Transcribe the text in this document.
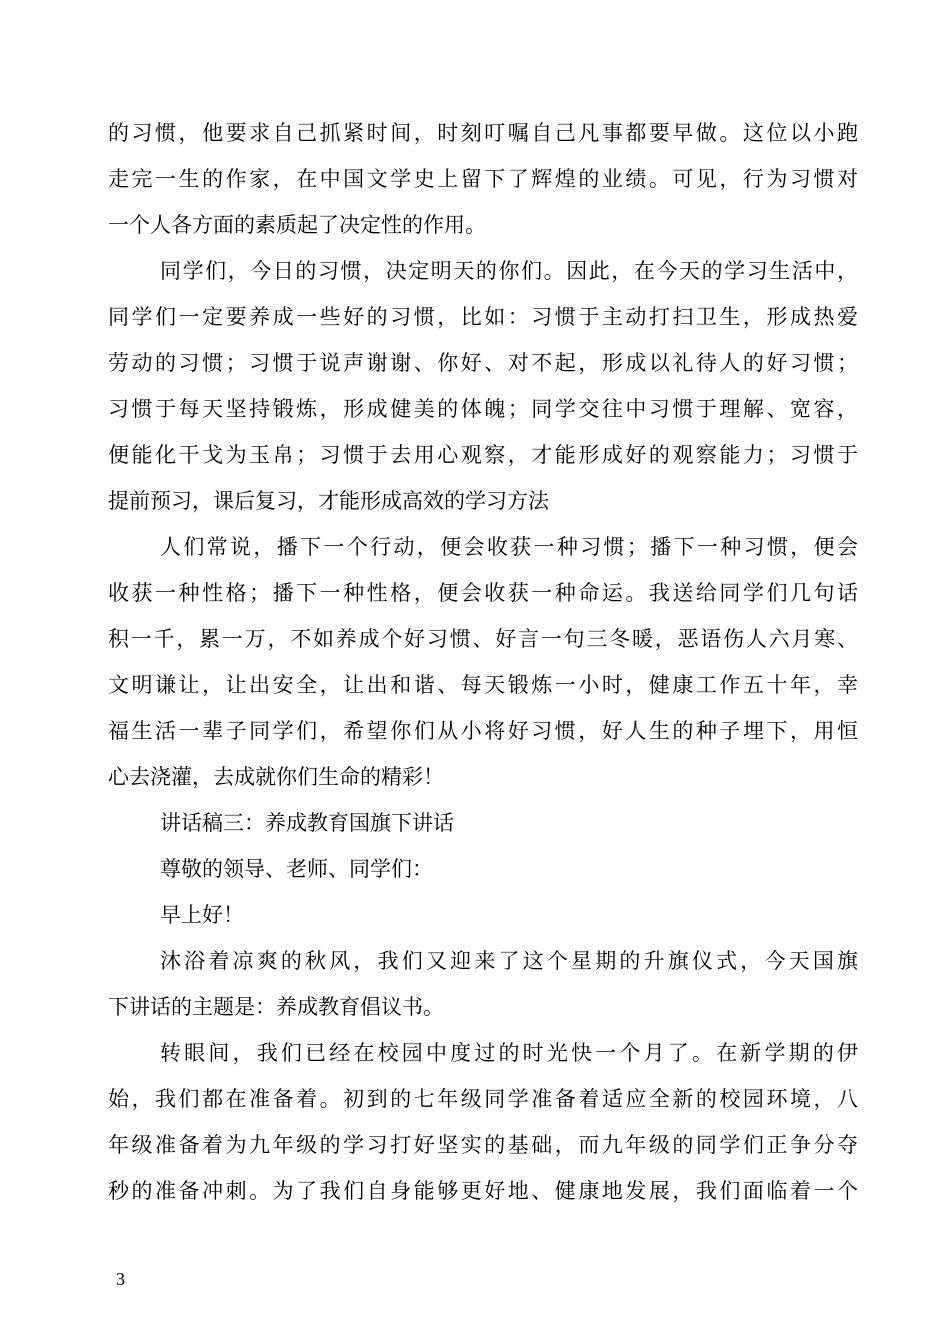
的习惯，他要求自己抓紧时间，时刻叮嘱自己凡事都要早做。这位以小跑
走完一生的作家，在中国文学史上留下了辉煌的业绩。可见，行为习惯对
一个人各方面的素质起了决定性的作用。
同学们，今日的习惯，决定明天的你们。因此，在今天的学习生活中，
同学们一定要养成一些好的习惯，比如：习惯于主动打扫卫生，形成热爱
劳动的习惯；习惯于说声谢谢、你好、对不起，形成以礼待人的好习惯；
习惯于每天坚持锻炼，形成健美的体魄；同学交往中习惯于理解、宽容，
便能化干戈为玉帛；习惯于去用心观察，才能形成好的观察能力；习惯于
提前预习，课后复习，才能形成高效的学习方法
人们常说，播下一个行动，便会收获一种习惯；播下一种习惯，便会
收获一种性格；播下一种性格，便会收获一种命运。我送给同学们几句话
积一千，累一万，不如养成个好习惯、好言一句三冬暖，恶语伤人六月寒、
文明谦让，让出安全，让出和谐、每天锻炼一小时，健康工作五十年，幸
福生活一辈子同学们，希望你们从小将好习惯，好人生的种子埋下，用恒
心去浇灌，去成就你们生命的精彩！
讲话稿三：养成教育国旗下讲话
尊敬的领导、老师、同学们：
早上好！
沐浴着凉爽的秋风，我们又迎来了这个星期的升旗仪式，今天国旗
下讲话的主题是：养成教育倡议书。
转眼间，我们已经在校园中度过的时光快一个月了。在新学期的伊
始，我们都在准备着。初到的七年级同学准备着适应全新的校园环境，八
年级准备着为九年级的学习打好坚实的基础，而九年级的同学们正争分夺
秒的准备冲刺。为了我们自身能够更好地、健康地发展，我们面临着一个
3
